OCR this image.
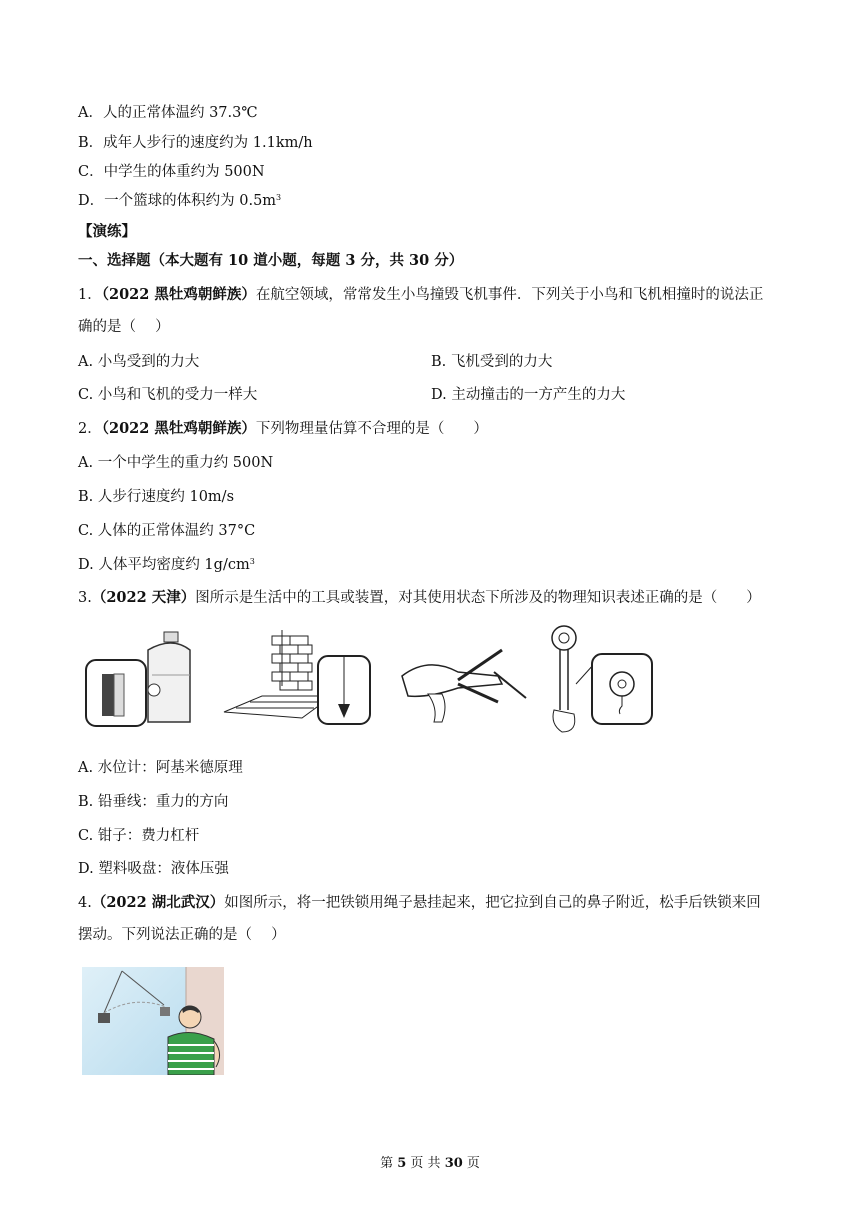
A．人的正常体温约 37.3℃
B．成年人步行的速度约为 1.1km/h
C．中学生的体重约为 500N
D．一个篮球的体积约为 $0.5m^3$
【演练】
一、选择题（本大题有 10 道小题，每题 3 分，共 30 分）
1．（2022 黑牡鸡朝鲜族）在航空领域，常常发生小鸟撞毁飞机事件．下列关于小鸟和飞机相撞时的说法正
确的是（　 ）
A. 小鸟受到的力大	B. 飞机受到的力大
C. 小鸟和飞机的受力一样大	D. 主动撞击的一方产生的力大
2．（2022 黑牡鸡朝鲜族）下列物理量估算不合理的是（　　）
A. 一个中学生的重力约 500N
B. 人步行速度约 10m/s
C. 人体的正常体温约 37°C
D. 人体平均密度约 $1g/cm^3$
3.（2022 天津）图所示是生活中的工具或装置，对其使用状态下所涉及的物理知识表述正确的是（　　）
A. 水位计：阿基米德原理
B. 铅垂线：重力的方向
C. 钳子：费力杠杆
D. 塑料吸盘：液体压强
4.（2022 湖北武汉）如图所示，将一把铁锁用绳子悬挂起来，把它拉到自己的鼻子附近，松手后铁锁来回
摆动。下列说法正确的是（　 ）
第 5 页 共 30 页
